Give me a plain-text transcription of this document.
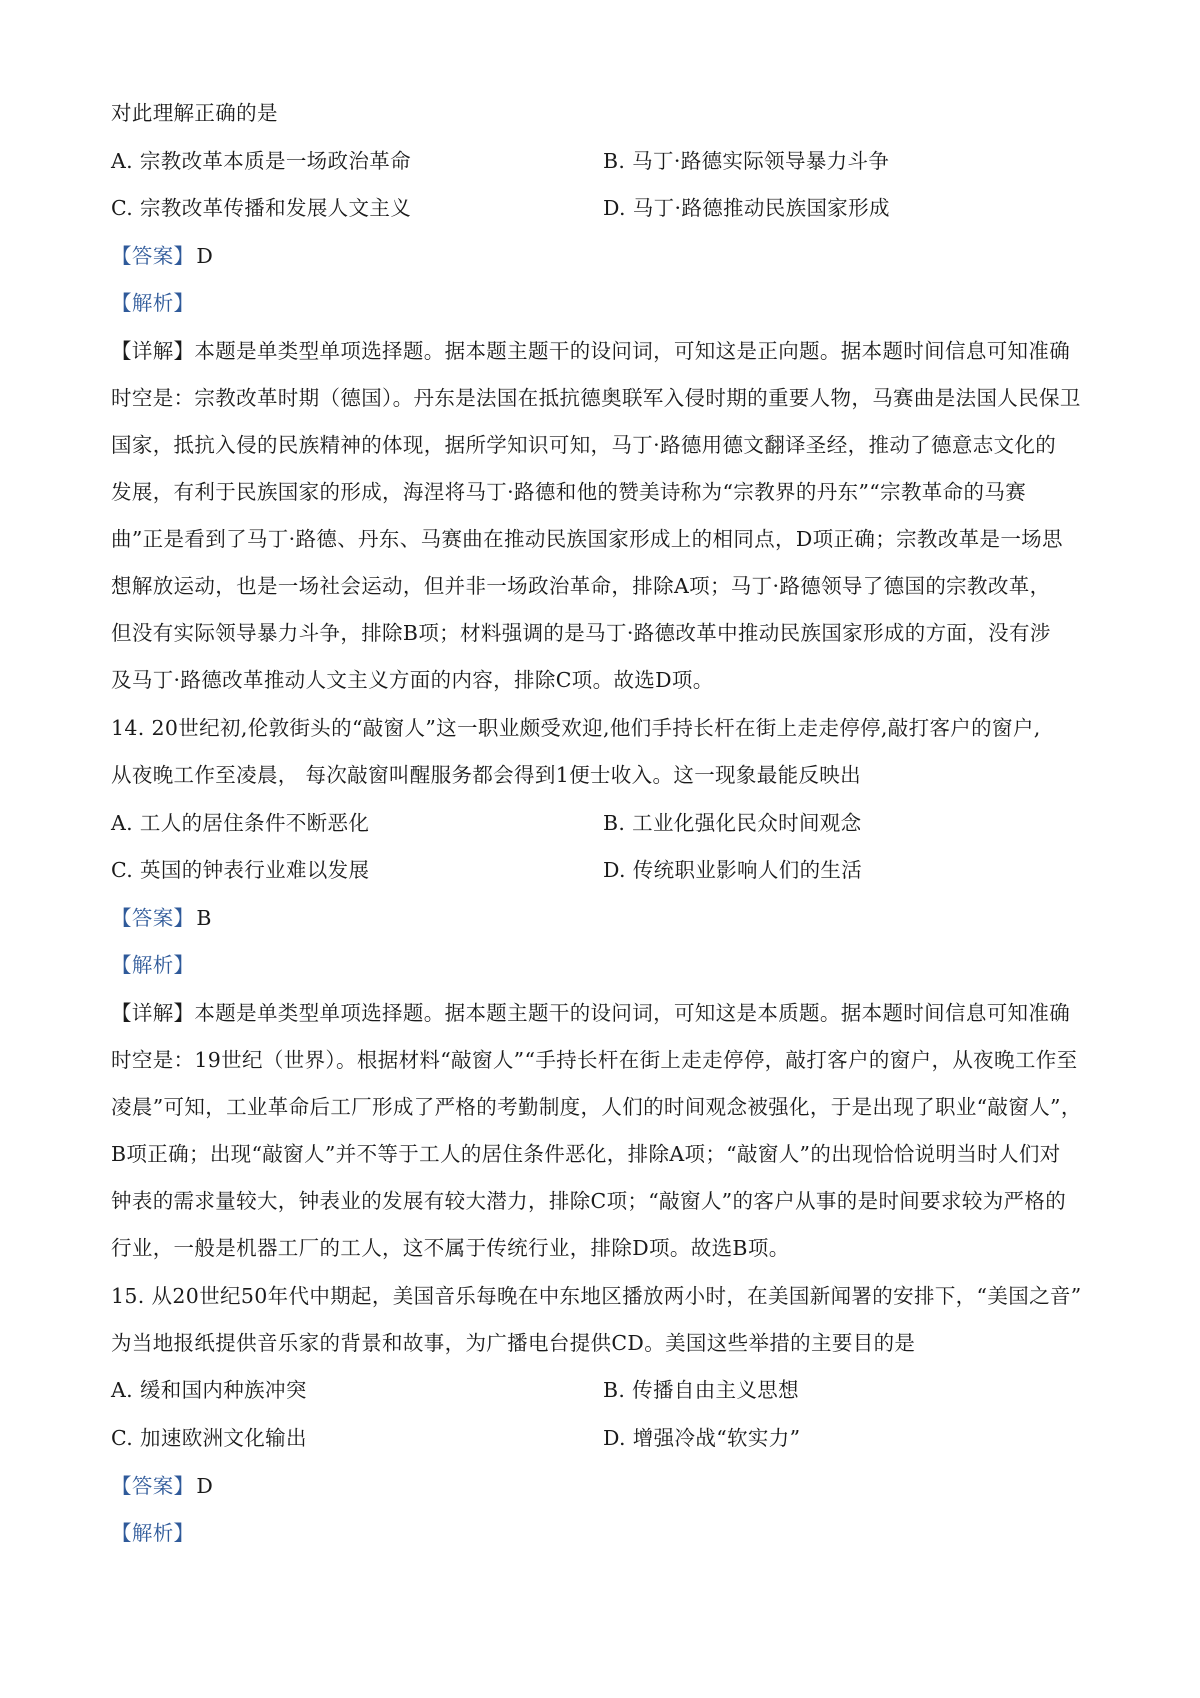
对此理解正确的是
A. 宗教改革本质是一场政治革命	B. 马丁·路德实际领导暴力斗争
C. 宗教改革传播和发展人文主义	D. 马丁·路德推动民族国家形成
【答案】D
【解析】
【详解】本题是单类型单项选择题。据本题主题干的设问词，可知这是正向题。据本题时间信息可知准确
时空是：宗教改革时期（德国）。丹东是法国在抵抗德奥联军入侵时期的重要人物，马赛曲是法国人民保卫
国家，抵抗入侵的民族精神的体现，据所学知识可知，马丁·路德用德文翻译圣经，推动了德意志文化的
发展，有利于民族国家的形成，海涅将马丁·路德和他的赞美诗称为“宗教界的丹东”“宗教革命的马赛
曲”正是看到了马丁·路德、丹东、马赛曲在推动民族国家形成上的相同点，D项正确；宗教改革是一场思
想解放运动，也是一场社会运动，但并非一场政治革命，排除A项；马丁·路德领导了德国的宗教改革，
但没有实际领导暴力斗争，排除B项；材料强调的是马丁·路德改革中推动民族国家形成的方面，没有涉
及马丁·路德改革推动人文主义方面的内容，排除C项。故选D项。
14. 20世纪初,伦敦街头的“敲窗人”这一职业颇受欢迎,他们手持长杆在街上走走停停,敲打客户的窗户,
从夜晚工作至凌晨， 每次敲窗叫醒服务都会得到1便士收入。这一现象最能反映出
A. 工人的居住条件不断恶化	B. 工业化强化民众时间观念
C. 英国的钟表行业难以发展	D. 传统职业影响人们的生活
【答案】B
【解析】
【详解】本题是单类型单项选择题。据本题主题干的设问词，可知这是本质题。据本题时间信息可知准确
时空是：19世纪（世界）。根据材料“敲窗人”“手持长杆在街上走走停停，敲打客户的窗户，从夜晚工作至
凌晨”可知，工业革命后工厂形成了严格的考勤制度，人们的时间观念被强化，于是出现了职业“敲窗人”，
B项正确；出现“敲窗人”并不等于工人的居住条件恶化，排除A项；“敲窗人”的出现恰恰说明当时人们对
钟表的需求量较大，钟表业的发展有较大潜力，排除C项；“敲窗人”的客户从事的是时间要求较为严格的
行业，一般是机器工厂的工人，这不属于传统行业，排除D项。故选B项。
15. 从20世纪50年代中期起，美国音乐每晚在中东地区播放两小时，在美国新闻署的安排下，“美国之音”
为当地报纸提供音乐家的背景和故事，为广播电台提供CD。美国这些举措的主要目的是
A. 缓和国内种族冲突	B. 传播自由主义思想
C. 加速欧洲文化输出	D. 增强冷战“软实力”
【答案】D
【解析】
